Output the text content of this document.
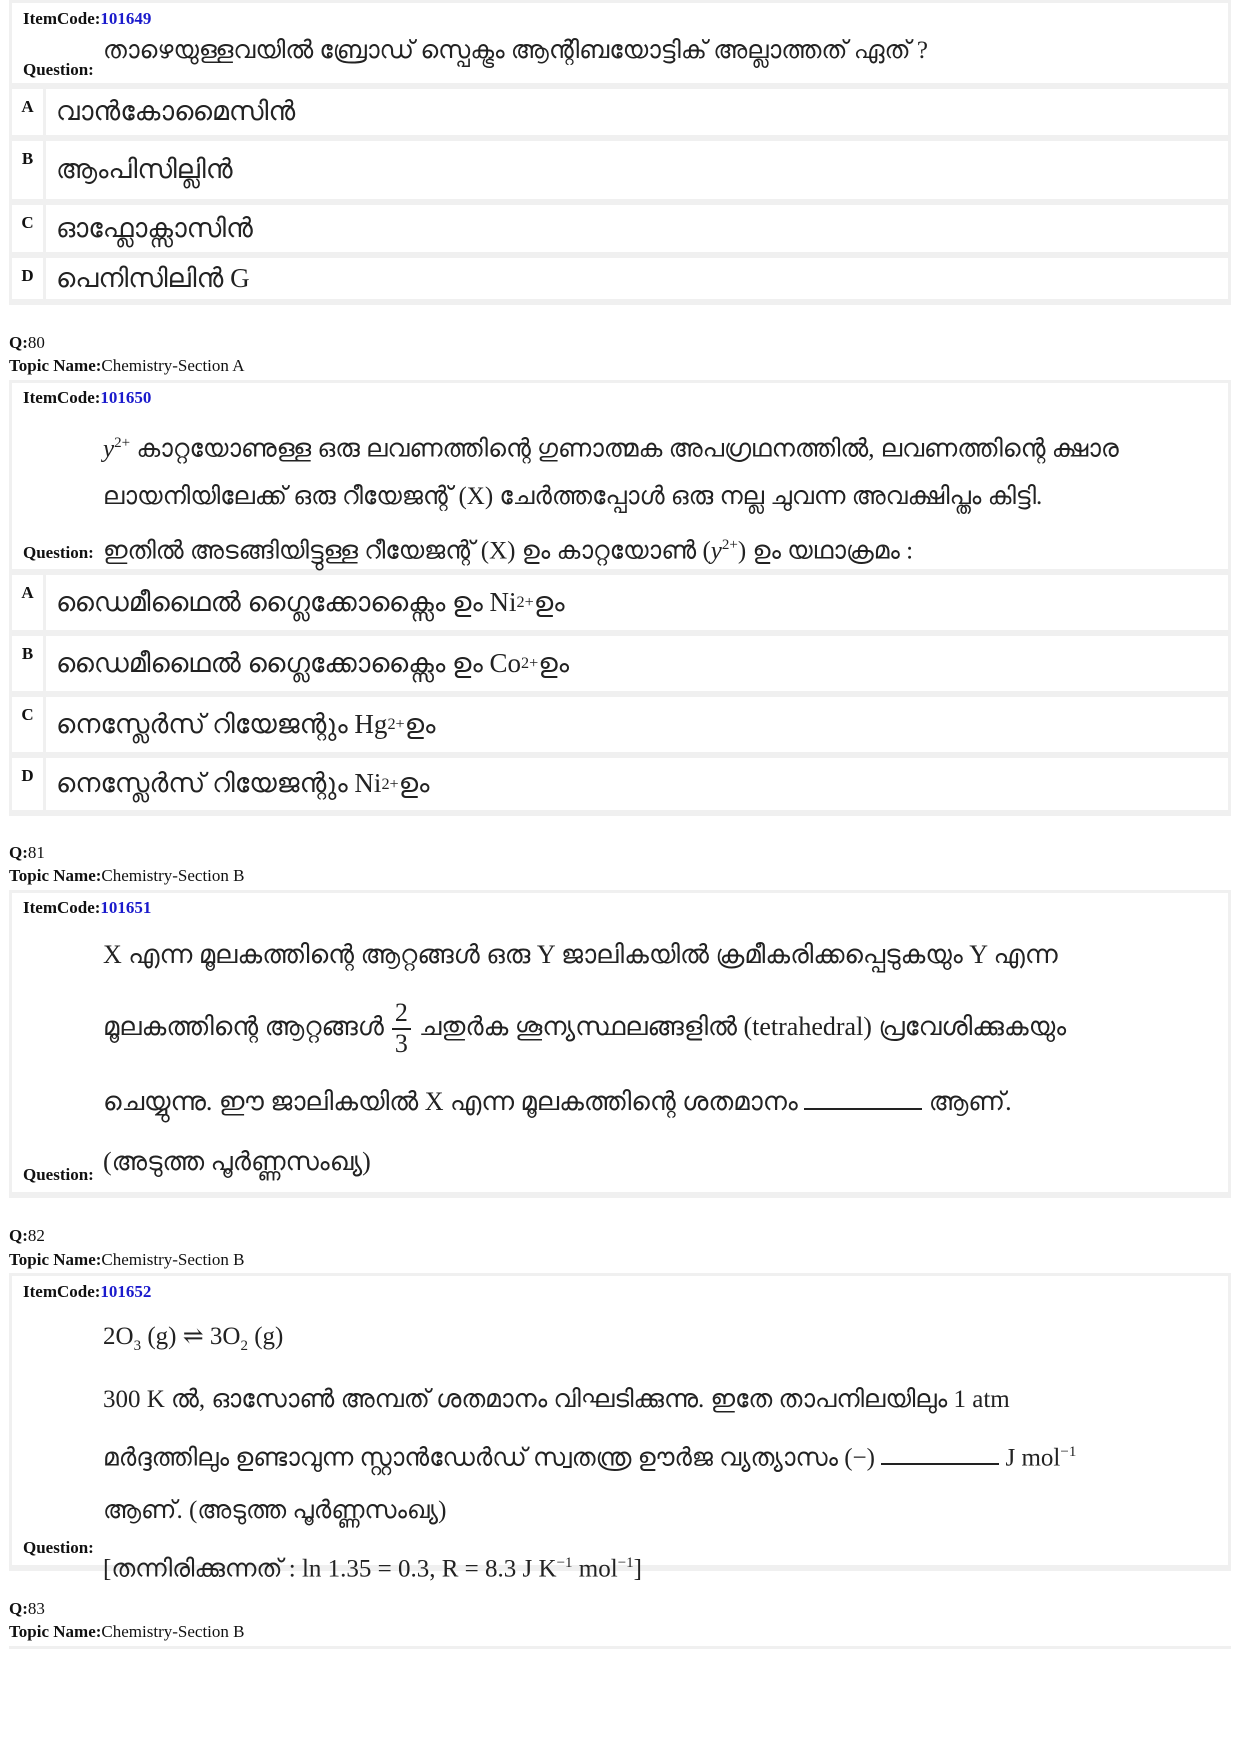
ItemCode:101649

താഴെയുള്ളവയിൽ ബ്രോഡ് സ്പെക്ട്രം ആന്റിബയോട്ടിക് അല്ലാത്തത് ഏത് ?

Question:
A വാൻകോമൈസിൻ
B ആംപിസില്ലിൻ
C ഓഫ്ലോക്സാസിൻ
D പെനിസിലിൻ G
Q:80
Topic Name:Chemistry-Section A
ItemCode:101650

$y^{2+}$ കാറ്റയോണുള്ള ഒരു ലവണത്തിന്റെ ഗുണാത്മക അപഗ്രഥനത്തിൽ, ലവണത്തിന്റെ ക്ഷാര

ലായനിയിലേക്ക് ഒരു റീയേജന്റ് (X) ചേർത്തപ്പോൾ ഒരു നല്ല ചുവന്ന അവക്ഷിപ്തം കിട്ടി.

ഇതിൽ അടങ്ങിയിട്ടുള്ള റീയേജന്റ് (X) ഉം കാറ്റയോൺ $(y^{2+})$ ഉം യഥാക്രമം :

Question:
A ഡൈമീഥൈൽ ഗ്ലൈക്കോക്സൈം ഉം Ni 2+ ഉം
B ഡൈമീഥൈൽ ഗ്ലൈക്കോക്സൈം ഉം Co 2+ ഉം
C നെസ്ലേർസ് റിയേജന്റും Hg 2+ ഉം
D നെസ്ലേർസ് റിയേജന്റും Ni 2+ ഉം
Q:81
Topic Name:Chemistry-Section B
ItemCode:101651

X എന്ന മൂലകത്തിന്റെ ആറ്റങ്ങൾ ഒരു Y ജാലികയിൽ ക്രമീകരിക്കപ്പെടുകയും Y എന്ന

മൂലകത്തിന്റെ ആറ്റങ്ങൾ $\frac{2}{3}$ ചതുർക ശൂന്യസ്ഥലങ്ങളിൽ (tetrahedral) പ്രവേശിക്കുകയും

ചെയ്യുന്നു. ഈ ജാലികയിൽ X എന്ന മൂലകത്തിന്റെ ശതമാനം	ആണ്.

(അടുത്ത പൂർണ്ണസംഖ്യ)

Question:
Q:82
Topic Name:Chemistry-Section B
ItemCode:101652

$2O_3$ (g) ⇌ $3O_2$ (g)

300 K ൽ, ഓസോൺ അമ്പത് ശതമാനം വിഘടിക്കുന്നു. ഇതേ താപനിലയിലും 1 atm

മർദ്ദത്തിലും ഉണ്ടാവുന്ന സ്റ്റാൻഡേർഡ് സ്വതന്ത്ര ഊർജ വ്യത്യാസം (−)	J mol$^{-1}$

ആണ്. (അടുത്ത പൂർണ്ണസംഖ്യ)

[തന്നിരിക്കുന്നത് : ln 1.35 = 0.3, R = 8.3 J $K^{-1}$ mol$^{-1}$]

Question:
Q:83
Topic Name:Chemistry-Section B
